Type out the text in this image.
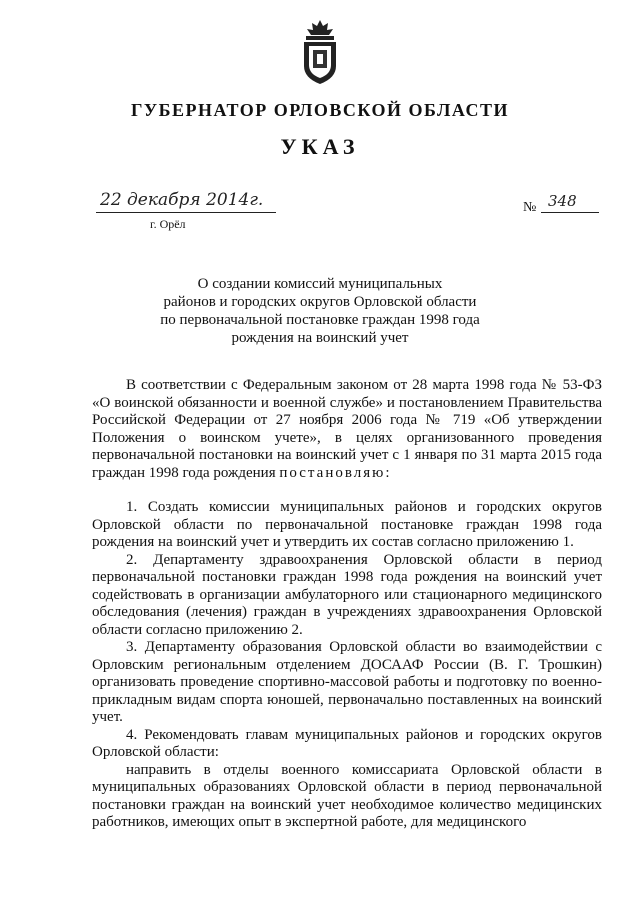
ГУБЕРНАТОР ОРЛОВСКОЙ ОБЛАСТИ
УКАЗ
22 декабря 2014г.
г. Орёл
№ 348
О создании комиссий муниципальных
районов и городских округов Орловской области
по первоначальной постановке граждан 1998 года
рождения на воинский учет

В соответствии с Федеральным законом от 28 марта 1998 года № 53-ФЗ «О воинской обязанности и военной службе» и постановлением Правительства Российской Федерации от 27 ноября 2006 года № 719 «Об утверждении Положения о воинском учете», в целях организованного проведения первоначальной постановки на воинский учет с 1 января по 31 марта 2015 года граждан 1998 года рождения постановляю:

1. Создать комиссии муниципальных районов и городских округов Орловской области по первоначальной постановке граждан 1998 года рождения на воинский учет и утвердить их состав согласно приложению 1.

2. Департаменту здравоохранения Орловской области в период первоначальной постановки граждан 1998 года рождения на воинский учет содействовать в организации амбулаторного или стационарного медицинского обследования (лечения) граждан в учреждениях здравоохранения Орловской области согласно приложению 2.

3. Департаменту образования Орловской области во взаимодействии с Орловским региональным отделением ДОСААФ России (В. Г. Трошкин) организовать проведение спортивно-массовой работы и подготовку по военно-прикладным видам спорта юношей, первоначально поставленных на воинский учет.

4. Рекомендовать главам муниципальных районов и городских округов Орловской области:

направить в отделы военного комиссариата Орловской области в муниципальных образованиях Орловской области в период первоначальной постановки граждан на воинский учет необходимое количество медицинских работников, имеющих опыт в экспертной работе, для медицинского
